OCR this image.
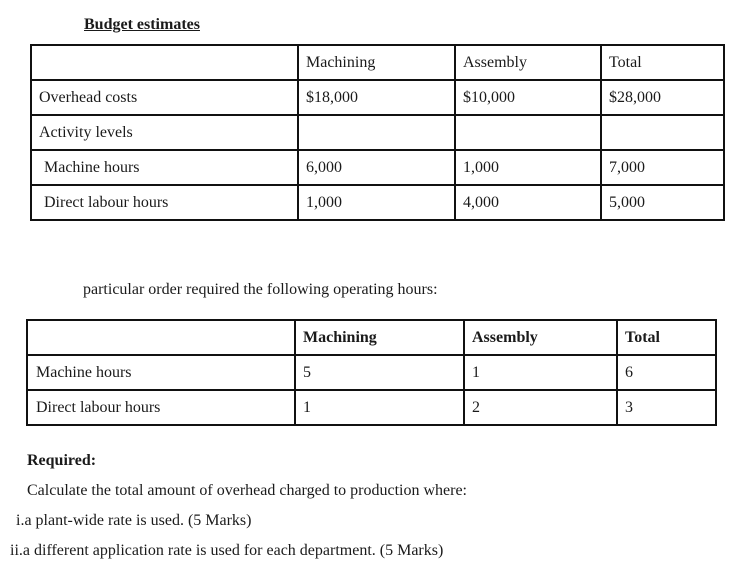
Budget estimates
	Machining	Assembly	Total
Overhead costs	$18,000	$10,000	$28,000
Activity levels			
Machine hours	6,000	1,000	7,000
Direct labour hours	1,000	4,000	5,000
particular order required the following operating hours:
	Machining	Assembly	Total
Machine hours	5	1	6
Direct labour hours	1	2	3
Required:
Calculate the total amount of overhead charged to production where:
i.a plant-wide rate is used. (5 Marks)
ii.a different application rate is used for each department. (5 Marks)
